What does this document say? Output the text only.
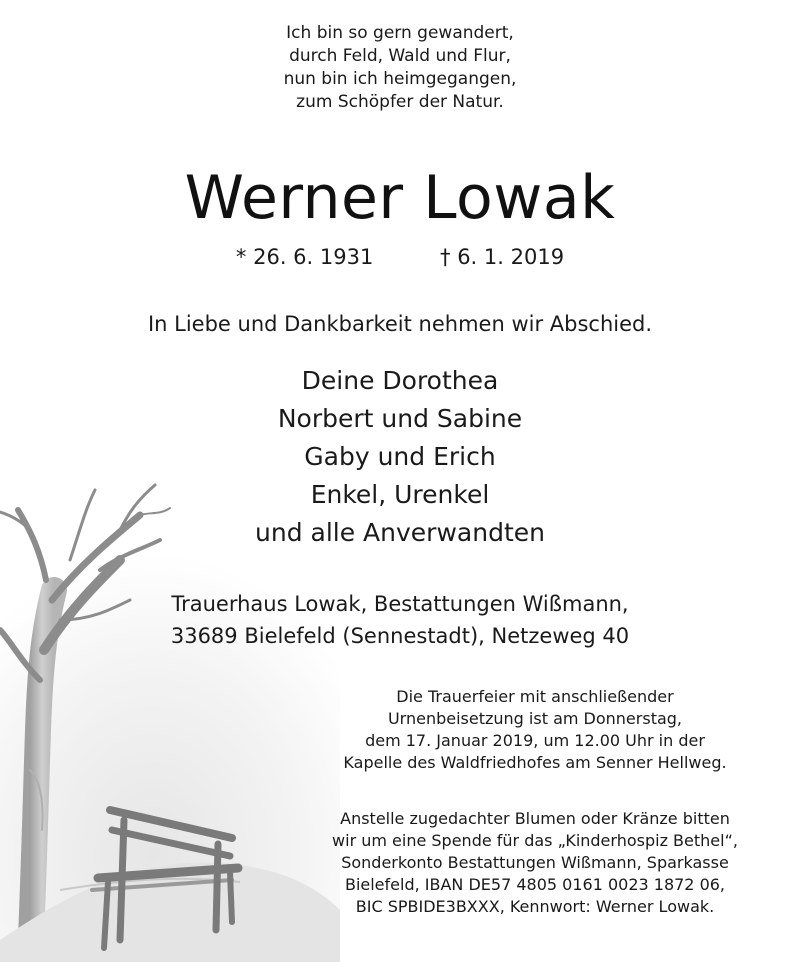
Ich bin so gern gewandert,
durch Feld, Wald und Flur,
nun bin ich heimgegangen,
zum Schöpfer der Natur.
Werner Lowak
* 26. 6. 1931	† 6. 1. 2019
In Liebe und Dankbarkeit nehmen wir Abschied.
Deine Dorothea
Norbert und Sabine
Gaby und Erich
Enkel, Urenkel
und alle Anverwandten
Trauerhaus Lowak, Bestattungen Wißmann,
33689 Bielefeld (Sennestadt), Netzeweg 40
Die Trauerfeier mit anschließender
Urnenbeisetzung ist am Donnerstag,
dem 17. Januar 2019, um 12.00 Uhr in der
Kapelle des Waldfriedhofes am Senner Hellweg.
Anstelle zugedachter Blumen oder Kränze bitten
wir um eine Spende für das „Kinderhospiz Bethel“,
Sonderkonto Bestattungen Wißmann, Sparkasse
Bielefeld, IBAN DE57 4805 0161 0023 1872 06,
BIC SPBIDE3BXXX, Kennwort: Werner Lowak.
